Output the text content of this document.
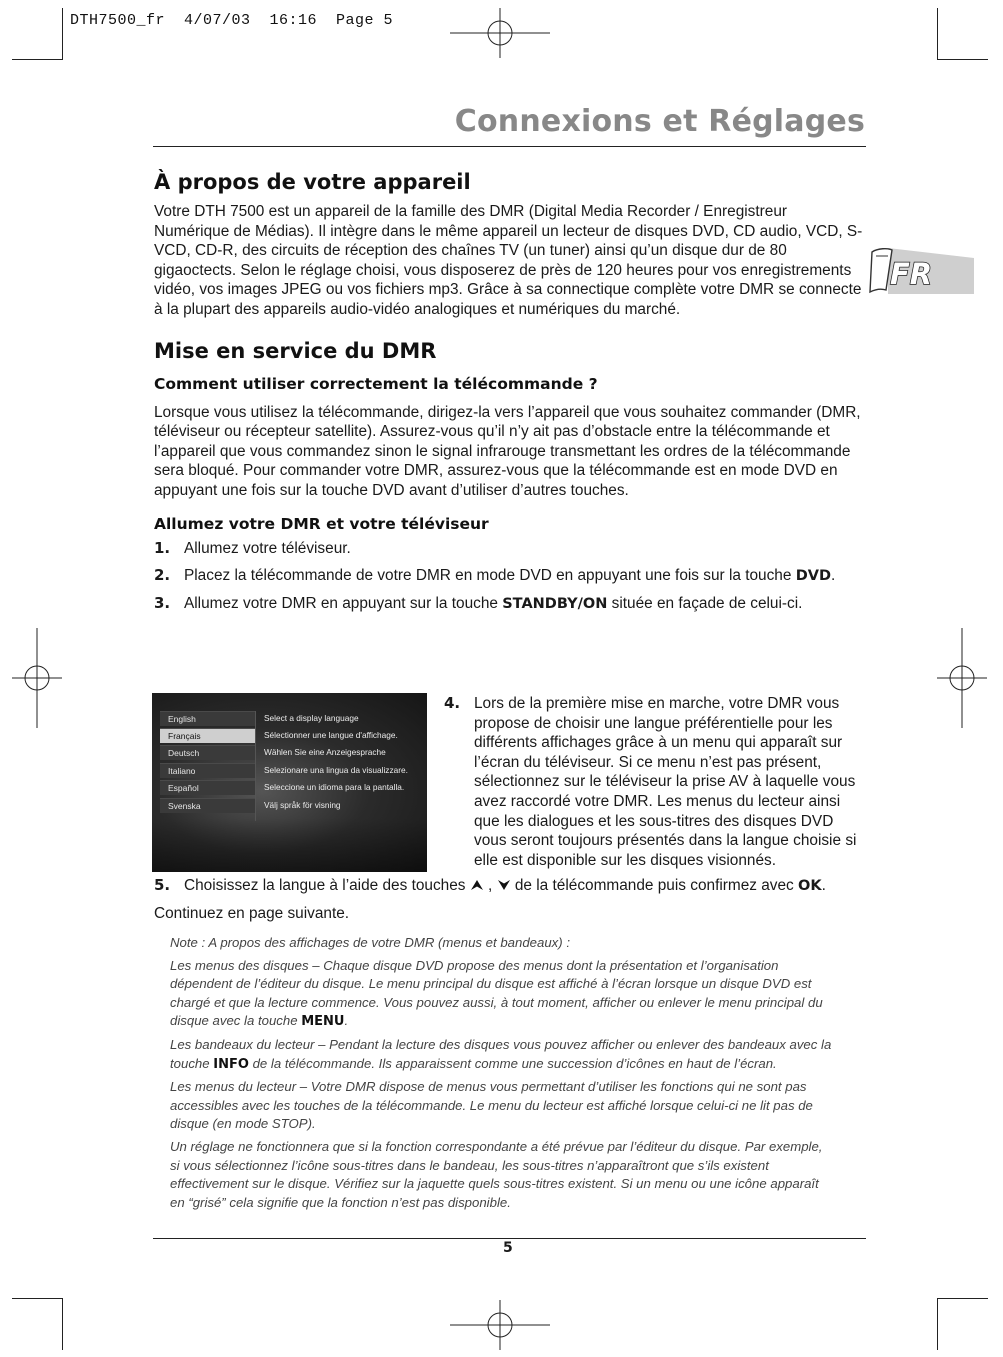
DTH7500_fr  4/07/03  16:16  Page 5
Connexions et Réglages
FR
À propos de votre appareil

Votre DTH 7500 est un appareil de la famille des DMR (Digital Media Recorder / Enregistreur Numérique de Médias). Il intègre dans le même appareil un lecteur de disques DVD, CD audio, VCD, S-VCD, CD-R, des circuits de réception des chaînes TV (un tuner) ainsi qu’un disque dur de 80 gigaoctects. Selon le réglage choisi, vous disposerez de près de 120 heures pour vos enregistrements vidéo, vos images JPEG ou vos fichiers mp3. Grâce à sa connectique complète votre DMR se connecte à la plupart des appareils audio-vidéo analogiques et numériques du marché.

Mise en service du DMR
Comment utiliser correctement la télécommande ?

Lorsque vous utilisez la télécommande, dirigez-la vers l’appareil que vous souhaitez commander (DMR, téléviseur ou récepteur satellite). Assurez-vous qu’il n’y ait pas d’obstacle entre la télécommande et l’appareil que vous commandez sinon le signal infrarouge transmettant les ordres de la télécommande sera bloqué. Pour commander votre DMR, assurez-vous que la télécommande est en mode DVD en appuyant une fois sur la touche DVD avant d’utiliser d’autres touches.

Allumez votre DMR et votre téléviseur
1. Allumez votre téléviseur.
2. Placez la télécommande de votre DMR en mode DVD en appuyant une fois sur la touche DVD.
3. Allumez votre DMR en appuyant sur la touche STANDBY/ON située en façade de celui-ci.
English	Select a display language
Français	Sélectionner une langue d'affichage.
Deutsch	Wählen Sie eine Anzeigesprache
Italiano	Selezionare una lingua da visualizzare.
Español	Seleccione un idioma para la pantalla.
Svenska	Välj språk för visning
4. Lors de la première mise en marche, votre DMR vous propose de choisir une langue préférentielle pour les différents affichages grâce à un menu qui apparaît sur l’écran du téléviseur. Si ce menu n’est pas présent, sélectionnez sur le téléviseur la prise AV à laquelle vous avez raccordé votre DMR. Les menus du lecteur ainsi que les dialogues et les sous-titres des disques DVD vous seront toujours présentés dans la langue choisie si elle est disponible sur les disques visionnés.
5. Choisissez la langue à l’aide des touches  ,  de la télécommande puis confirmez avec OK.

Continuez en page suivante.

Note : A propos des affichages de votre DMR (menus et bandeaux) :

Les menus des disques – Chaque disque DVD propose des menus dont la présentation et l’organisation dépendent de l’éditeur du disque. Le menu principal du disque est affiché à l’écran lorsque un disque DVD est chargé et que la lecture commence. Vous pouvez aussi, à tout moment, afficher ou enlever le menu principal du disque avec la touche MENU.

Les bandeaux du lecteur – Pendant la lecture des disques vous pouvez afficher ou enlever des bandeaux avec la touche INFO de la télécommande. Ils apparaissent comme une succession d’icônes en haut de l’écran.

Les menus du lecteur – Votre DMR dispose de menus vous permettant d’utiliser les fonctions qui ne sont pas accessibles avec les touches de la télécommande. Le menu du lecteur est affiché lorsque celui-ci ne lit pas de disque (en mode STOP).

Un réglage ne fonctionnera que si la fonction correspondante a été prévue par l’éditeur du disque. Par exemple, si vous sélectionnez l’icône sous-titres dans le bandeau, les sous-titres n’apparaîtront que s’ils existent effectivement sur le disque. Vérifiez sur la jaquette quels sous-titres existent. Si un menu ou une icône apparaît en “grisé” cela signifie que la fonction n’est pas disponible.

5
